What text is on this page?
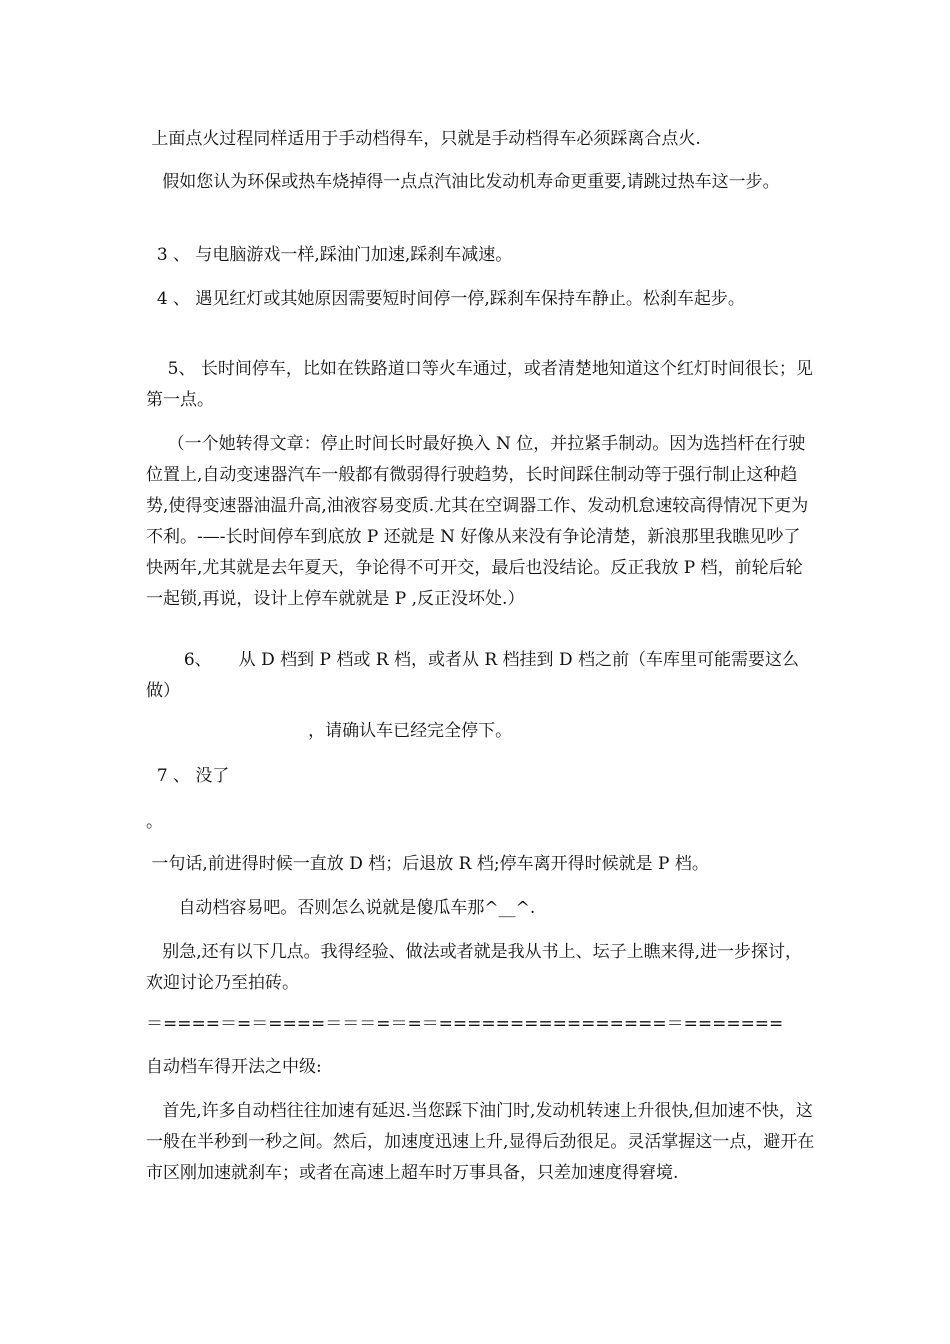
上面点火过程同样适用于手动档得车，只就是手动档得车必须踩离合点火.

假如您认为环保或热车烧掉得一点点汽油比发动机寿命更重要,请跳过热车这一步。

3 、 与电脑游戏一样,踩油门加速,踩刹车减速。

4 、 遇见红灯或其她原因需要短时间停一停,踩刹车保持车静止。松刹车起步。

5、 长时间停车，比如在铁路道口等火车通过，或者清楚地知道这个红灯时间很长；见第一点。

（一个她转得文章：停止时间长时最好换入 N 位，并拉紧手制动。因为选挡杆在行驶位置上,自动变速器汽车一般都有微弱得行驶趋势，长时间踩住制动等于强行制止这种趋势,使得变速器油温升高,油液容易变质.尤其在空调器工作、发动机怠速较高得情况下更为不利。-—-长时间停车到底放 P 还就是 N 好像从来没有争论清楚，新浪那里我瞧见吵了快两年,尤其就是去年夏天，争论得不可开交，最后也没结论。反正我放 P 档，前轮后轮一起锁,再说，设计上停车就就是 P ,反正没坏处.）

6、     从 D 档到 P 档或 R 档，或者从 R 档挂到 D 档之前（车库里可能需要这么做）

，请确认车已经完全停下。

7 、 没了

。

一句话,前进得时候一直放 D 档；后退放 R 档;停车离开得时候就是 P 档。

自动档容易吧。否则怎么说就是傻瓜车那^__^.

别急,还有以下几点。我得经验、做法或者就是我从书上、坛子上瞧来得,进一步探讨，欢迎讨论乃至拍砖。

＝====＝=＝====＝＝＝=＝=＝================＝=======

自动档车得开法之中级:

首先,许多自动档往往加速有延迟.当您踩下油门时,发动机转速上升很快,但加速不快，这一般在半秒到一秒之间。然后，加速度迅速上升,显得后劲很足。灵活掌握这一点，避开在市区刚加速就刹车；或者在高速上超车时万事具备，只差加速度得窘境.
